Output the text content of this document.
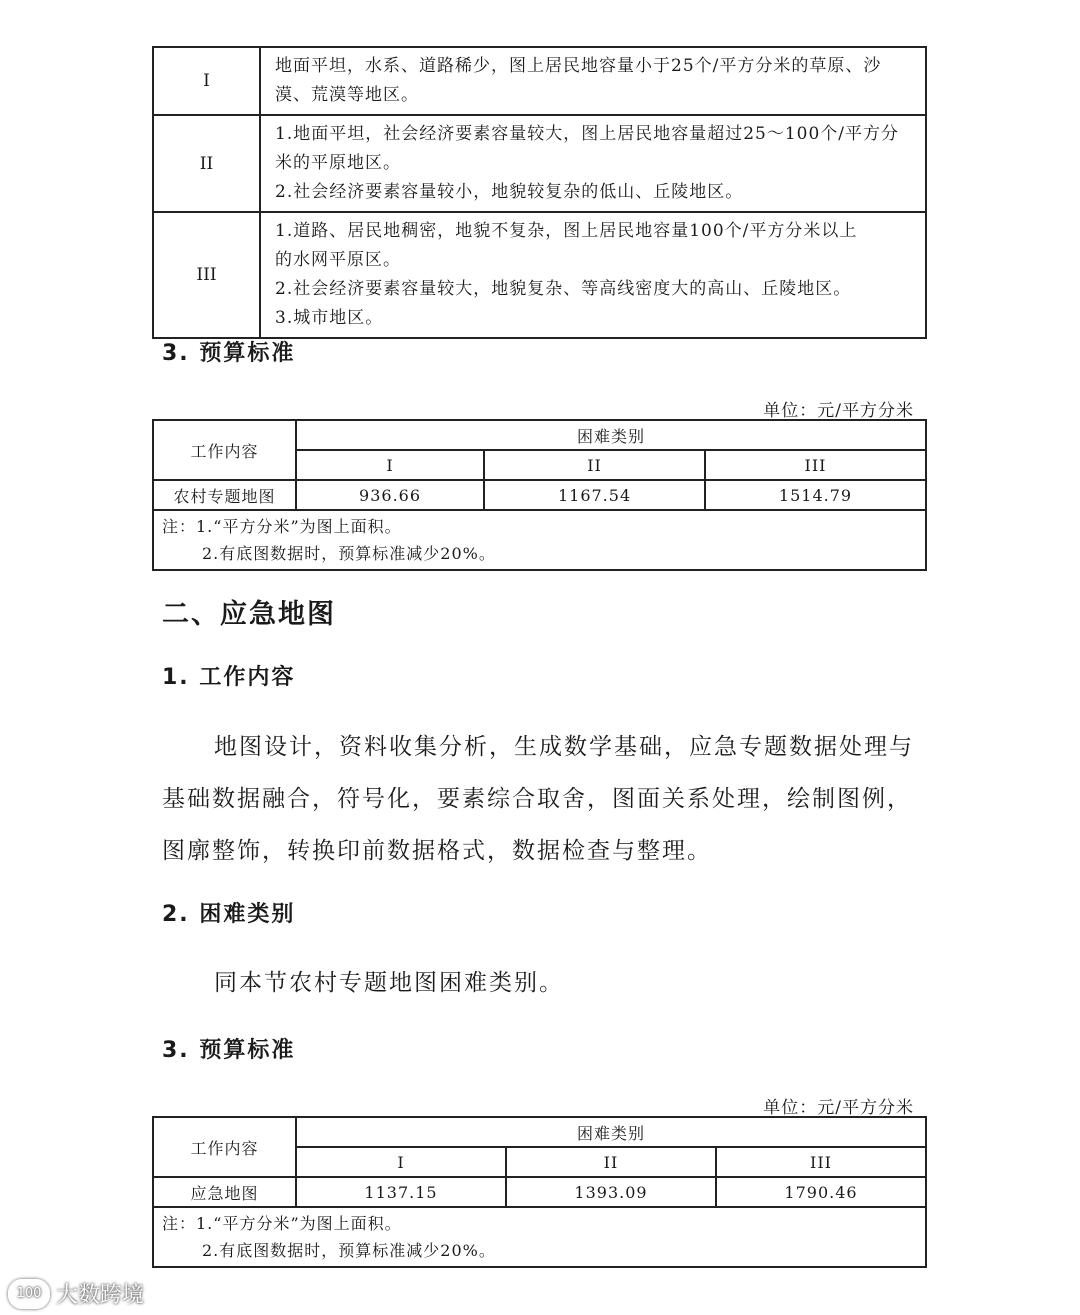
I	地面平坦，水系、道路稀少，图上居民地容量小于25个/平方分米的草原、沙
漠、荒漠等地区。

II	1.地面平坦，社会经济要素容量较大，图上居民地容量超过25～100个/平方分
米的平原地区。
2.社会经济要素容量较小，地貌较复杂的低山、丘陵地区。

III	1.道路、居民地稠密，地貌不复杂，图上居民地容量100个/平方分米以上
的水网平原区。
2.社会经济要素容量较大，地貌复杂、等高线密度大的高山、丘陵地区。
3.城市地区。
3. 预算标准
单位：元/平方分米
工作内容	困难类别		
	I	II	III
农村专题地图	936.66	1167.54	1514.79

注：1.“平方分米”为图上面积。
2.有底图数据时，预算标准减少20%。			
二、应急地图
1. 工作内容

地图设计，资料收集分析，生成数学基础，应急专题数据处理与
基础数据融合，符号化，要素综合取舍，图面关系处理，绘制图例，
图廓整饰，转换印前数据格式，数据检查与整理。

2. 困难类别

同本节农村专题地图困难类别。

3. 预算标准
单位：元/平方分米
工作内容	困难类别		
	I	II	III
应急地图	1137.15	1393.09	1790.46

注：1.“平方分米”为图上面积。
2.有底图数据时，预算标准减少20%。			
100 大数跨境
